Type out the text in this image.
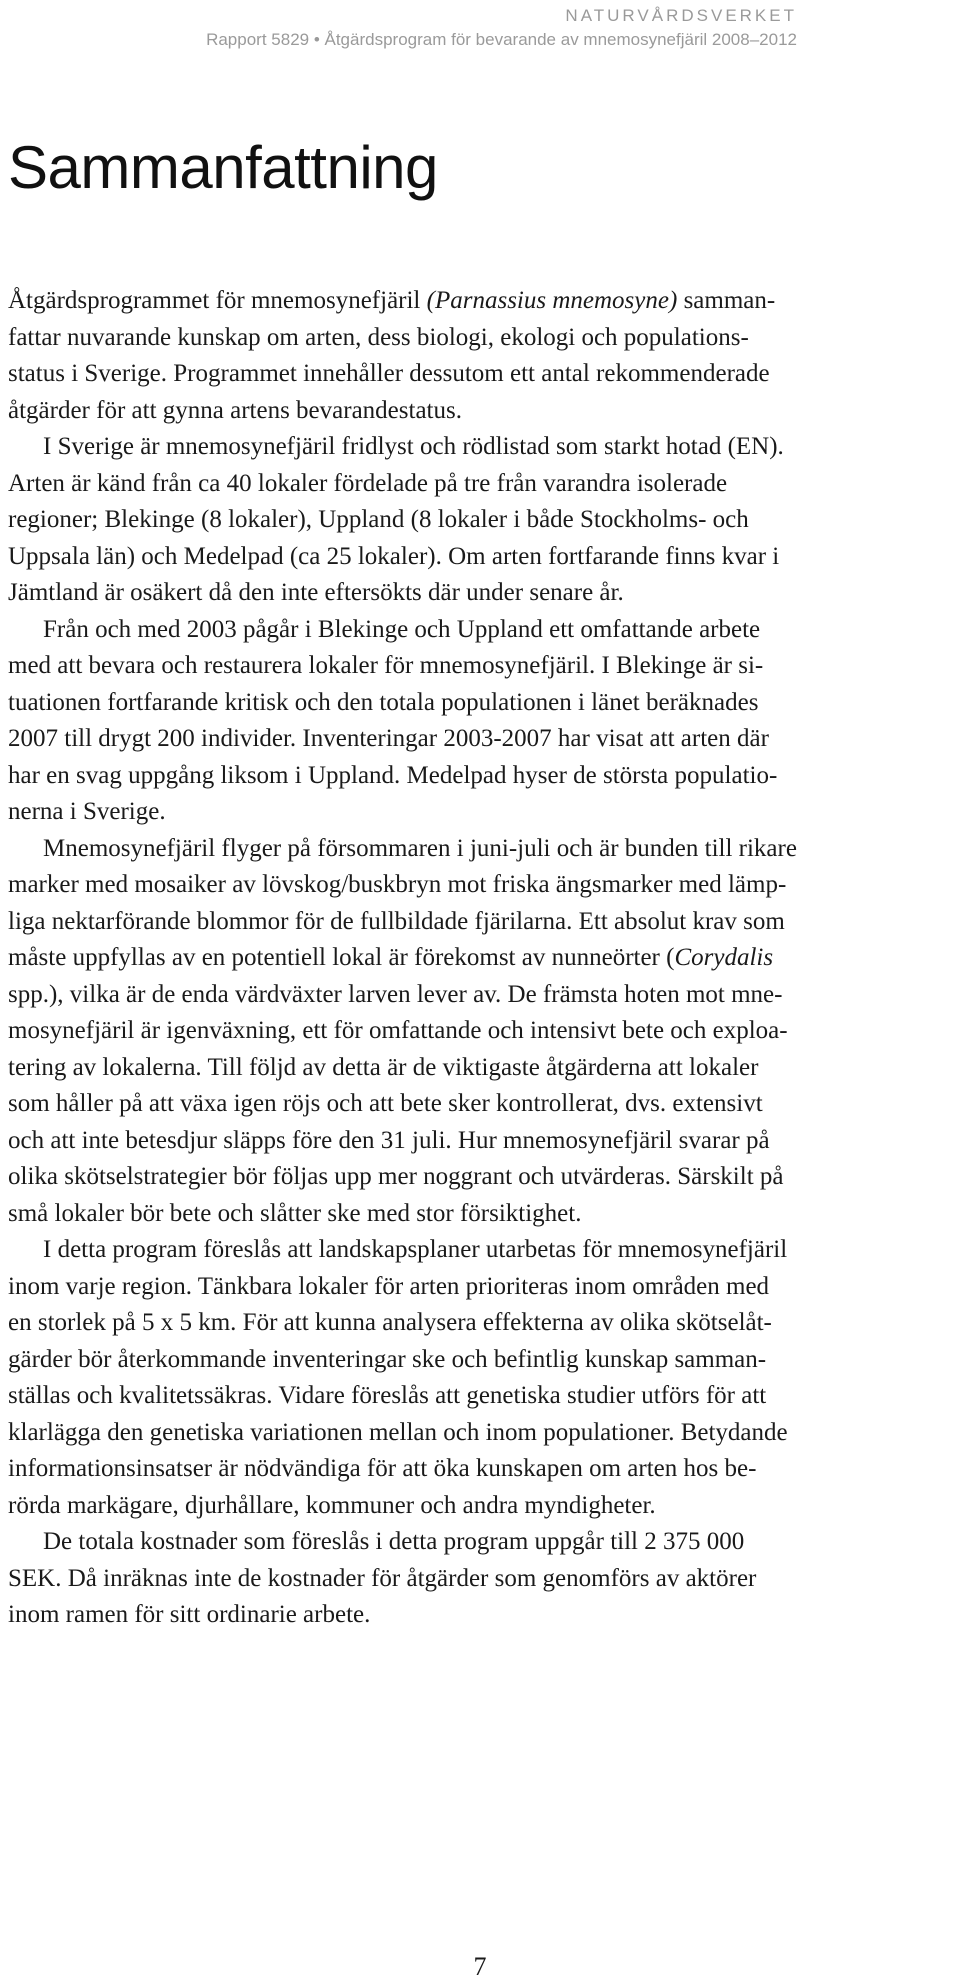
NATURVÅRDSVERKET
Rapport 5829 • Åtgärdsprogram för bevarande av mnemosynefjäril 2008–2012
Sammanfattning
Åtgärdsprogrammet för mnemosynefjäril (Parnassius mnemosyne) samman-
fattar nuvarande kunskap om arten, dess biologi, ekologi och populations-
status i Sverige. Programmet innehåller dessutom ett antal rekommenderade
åtgärder för att gynna artens bevarandestatus.
I Sverige är mnemosynefjäril fridlyst och rödlistad som starkt hotad (EN).
Arten är känd från ca 40 lokaler fördelade på tre från varandra isolerade
regioner; Blekinge (8 lokaler), Uppland (8 lokaler i både Stockholms- och
Uppsala län) och Medelpad (ca 25 lokaler). Om arten fortfarande finns kvar i
Jämtland är osäkert då den inte eftersökts där under senare år.
Från och med 2003 pågår i Blekinge och Uppland ett omfattande arbete
med att bevara och restaurera lokaler för mnemosynefjäril. I Blekinge är si-
tuationen fortfarande kritisk och den totala populationen i länet beräknades
2007 till drygt 200 individer. Inventeringar 2003-2007 har visat att arten där
har en svag uppgång liksom i Uppland. Medelpad hyser de största populatio-
nerna i Sverige.
Mnemosynefjäril flyger på försommaren i juni-juli och är bunden till rikare
marker med mosaiker av lövskog/buskbryn mot friska ängsmarker med lämp-
liga nektarförande blommor för de fullbildade fjärilarna. Ett absolut krav som
måste uppfyllas av en potentiell lokal är förekomst av nunneörter (Corydalis
spp.), vilka är de enda värdväxter larven lever av. De främsta hoten mot mne-
mosynefjäril är igenväxning, ett för omfattande och intensivt bete och exploa-
tering av lokalerna. Till följd av detta är de viktigaste åtgärderna att lokaler
som håller på att växa igen röjs och att bete sker kontrollerat, dvs. extensivt
och att inte betesdjur släpps före den 31 juli. Hur mnemosynefjäril svarar på
olika skötselstrategier bör följas upp mer noggrant och utvärderas. Särskilt på
små lokaler bör bete och slåtter ske med stor försiktighet.
I detta program föreslås att landskapsplaner utarbetas för mnemosynefjäril
inom varje region. Tänkbara lokaler för arten prioriteras inom områden med
en storlek på 5 x 5 km. För att kunna analysera effekterna av olika skötselåt-
gärder bör återkommande inventeringar ske och befintlig kunskap samman-
ställas och kvalitetssäkras. Vidare föreslås att genetiska studier utförs för att
klarlägga den genetiska variationen mellan och inom populationer. Betydande
informationsinsatser är nödvändiga för att öka kunskapen om arten hos be-
rörda markägare, djurhållare, kommuner och andra myndigheter.
De totala kostnader som föreslås i detta program uppgår till 2 375 000
SEK. Då inräknas inte de kostnader för åtgärder som genomförs av aktörer
inom ramen för sitt ordinarie arbete.
7
